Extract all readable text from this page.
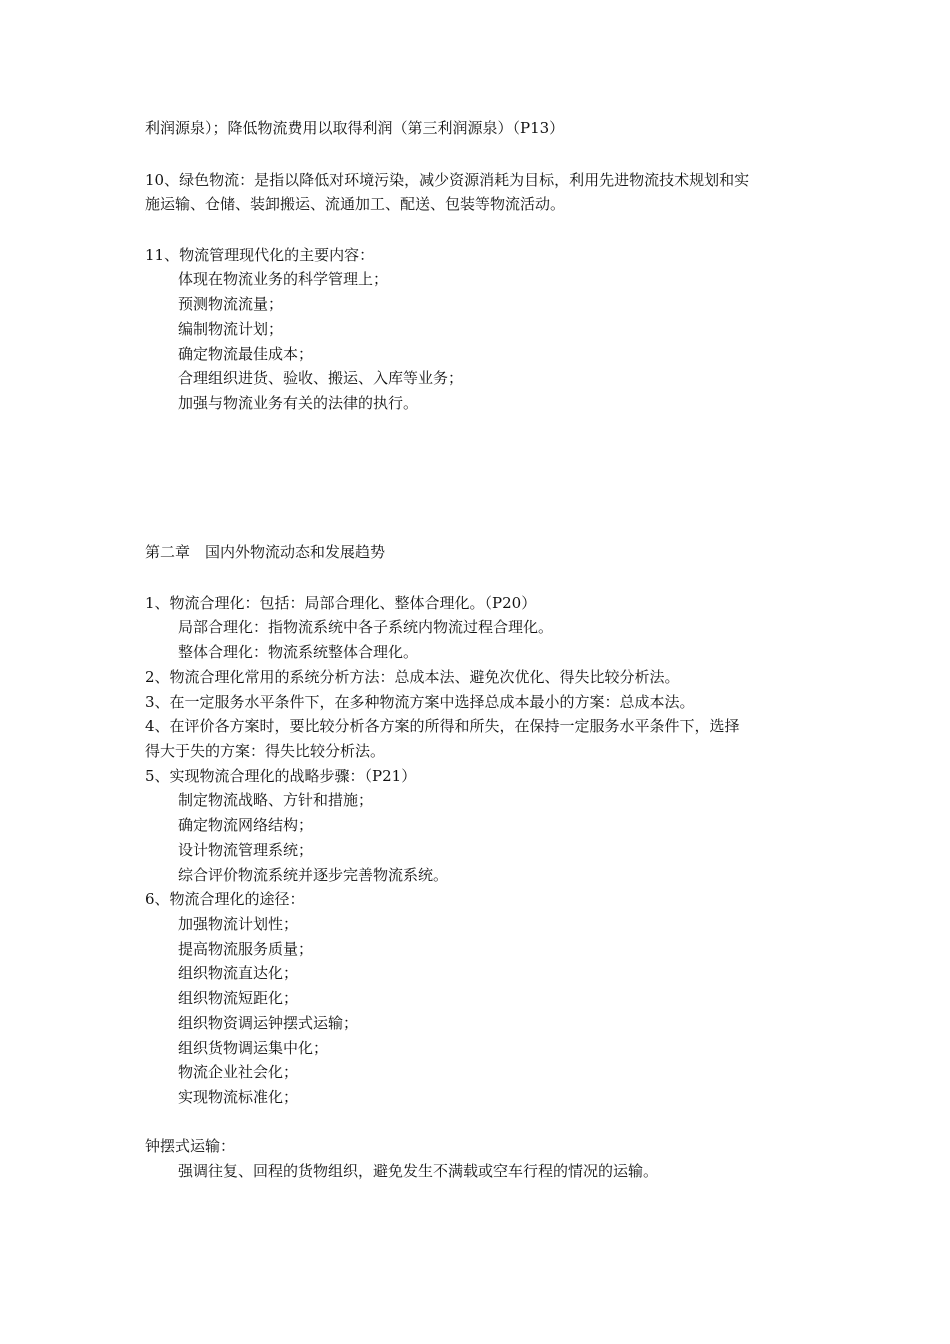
利润源泉）；降低物流费用以取得利润（第三利润源泉）（P13）
10、绿色物流：是指以降低对环境污染，减少资源消耗为目标，利用先进物流技术规划和实
施运输、仓储、装卸搬运、流通加工、配送、包装等物流活动。
11、物流管理现代化的主要内容：
体现在物流业务的科学管理上；
预测物流流量；
编制物流计划；
确定物流最佳成本；
合理组织进货、验收、搬运、入库等业务；
加强与物流业务有关的法律的执行。
第二章　国内外物流动态和发展趋势
1、物流合理化：包括：局部合理化、整体合理化。（P20）
局部合理化：指物流系统中各子系统内物流过程合理化。
整体合理化：物流系统整体合理化。
2、物流合理化常用的系统分析方法：总成本法、避免次优化、得失比较分析法。
3、在一定服务水平条件下，在多种物流方案中选择总成本最小的方案：总成本法。
4、在评价各方案时，要比较分析各方案的所得和所失，在保持一定服务水平条件下，选择
得大于失的方案：得失比较分析法。
5、实现物流合理化的战略步骤：（P21）
制定物流战略、方针和措施；
确定物流网络结构；
设计物流管理系统；
综合评价物流系统并逐步完善物流系统。
6、物流合理化的途径：
加强物流计划性；
提高物流服务质量；
组织物流直达化；
组织物流短距化；
组织物资调运钟摆式运输；
组织货物调运集中化；
物流企业社会化；
实现物流标准化；
钟摆式运输：
强调往复、回程的货物组织，避免发生不满载或空车行程的情况的运输。
